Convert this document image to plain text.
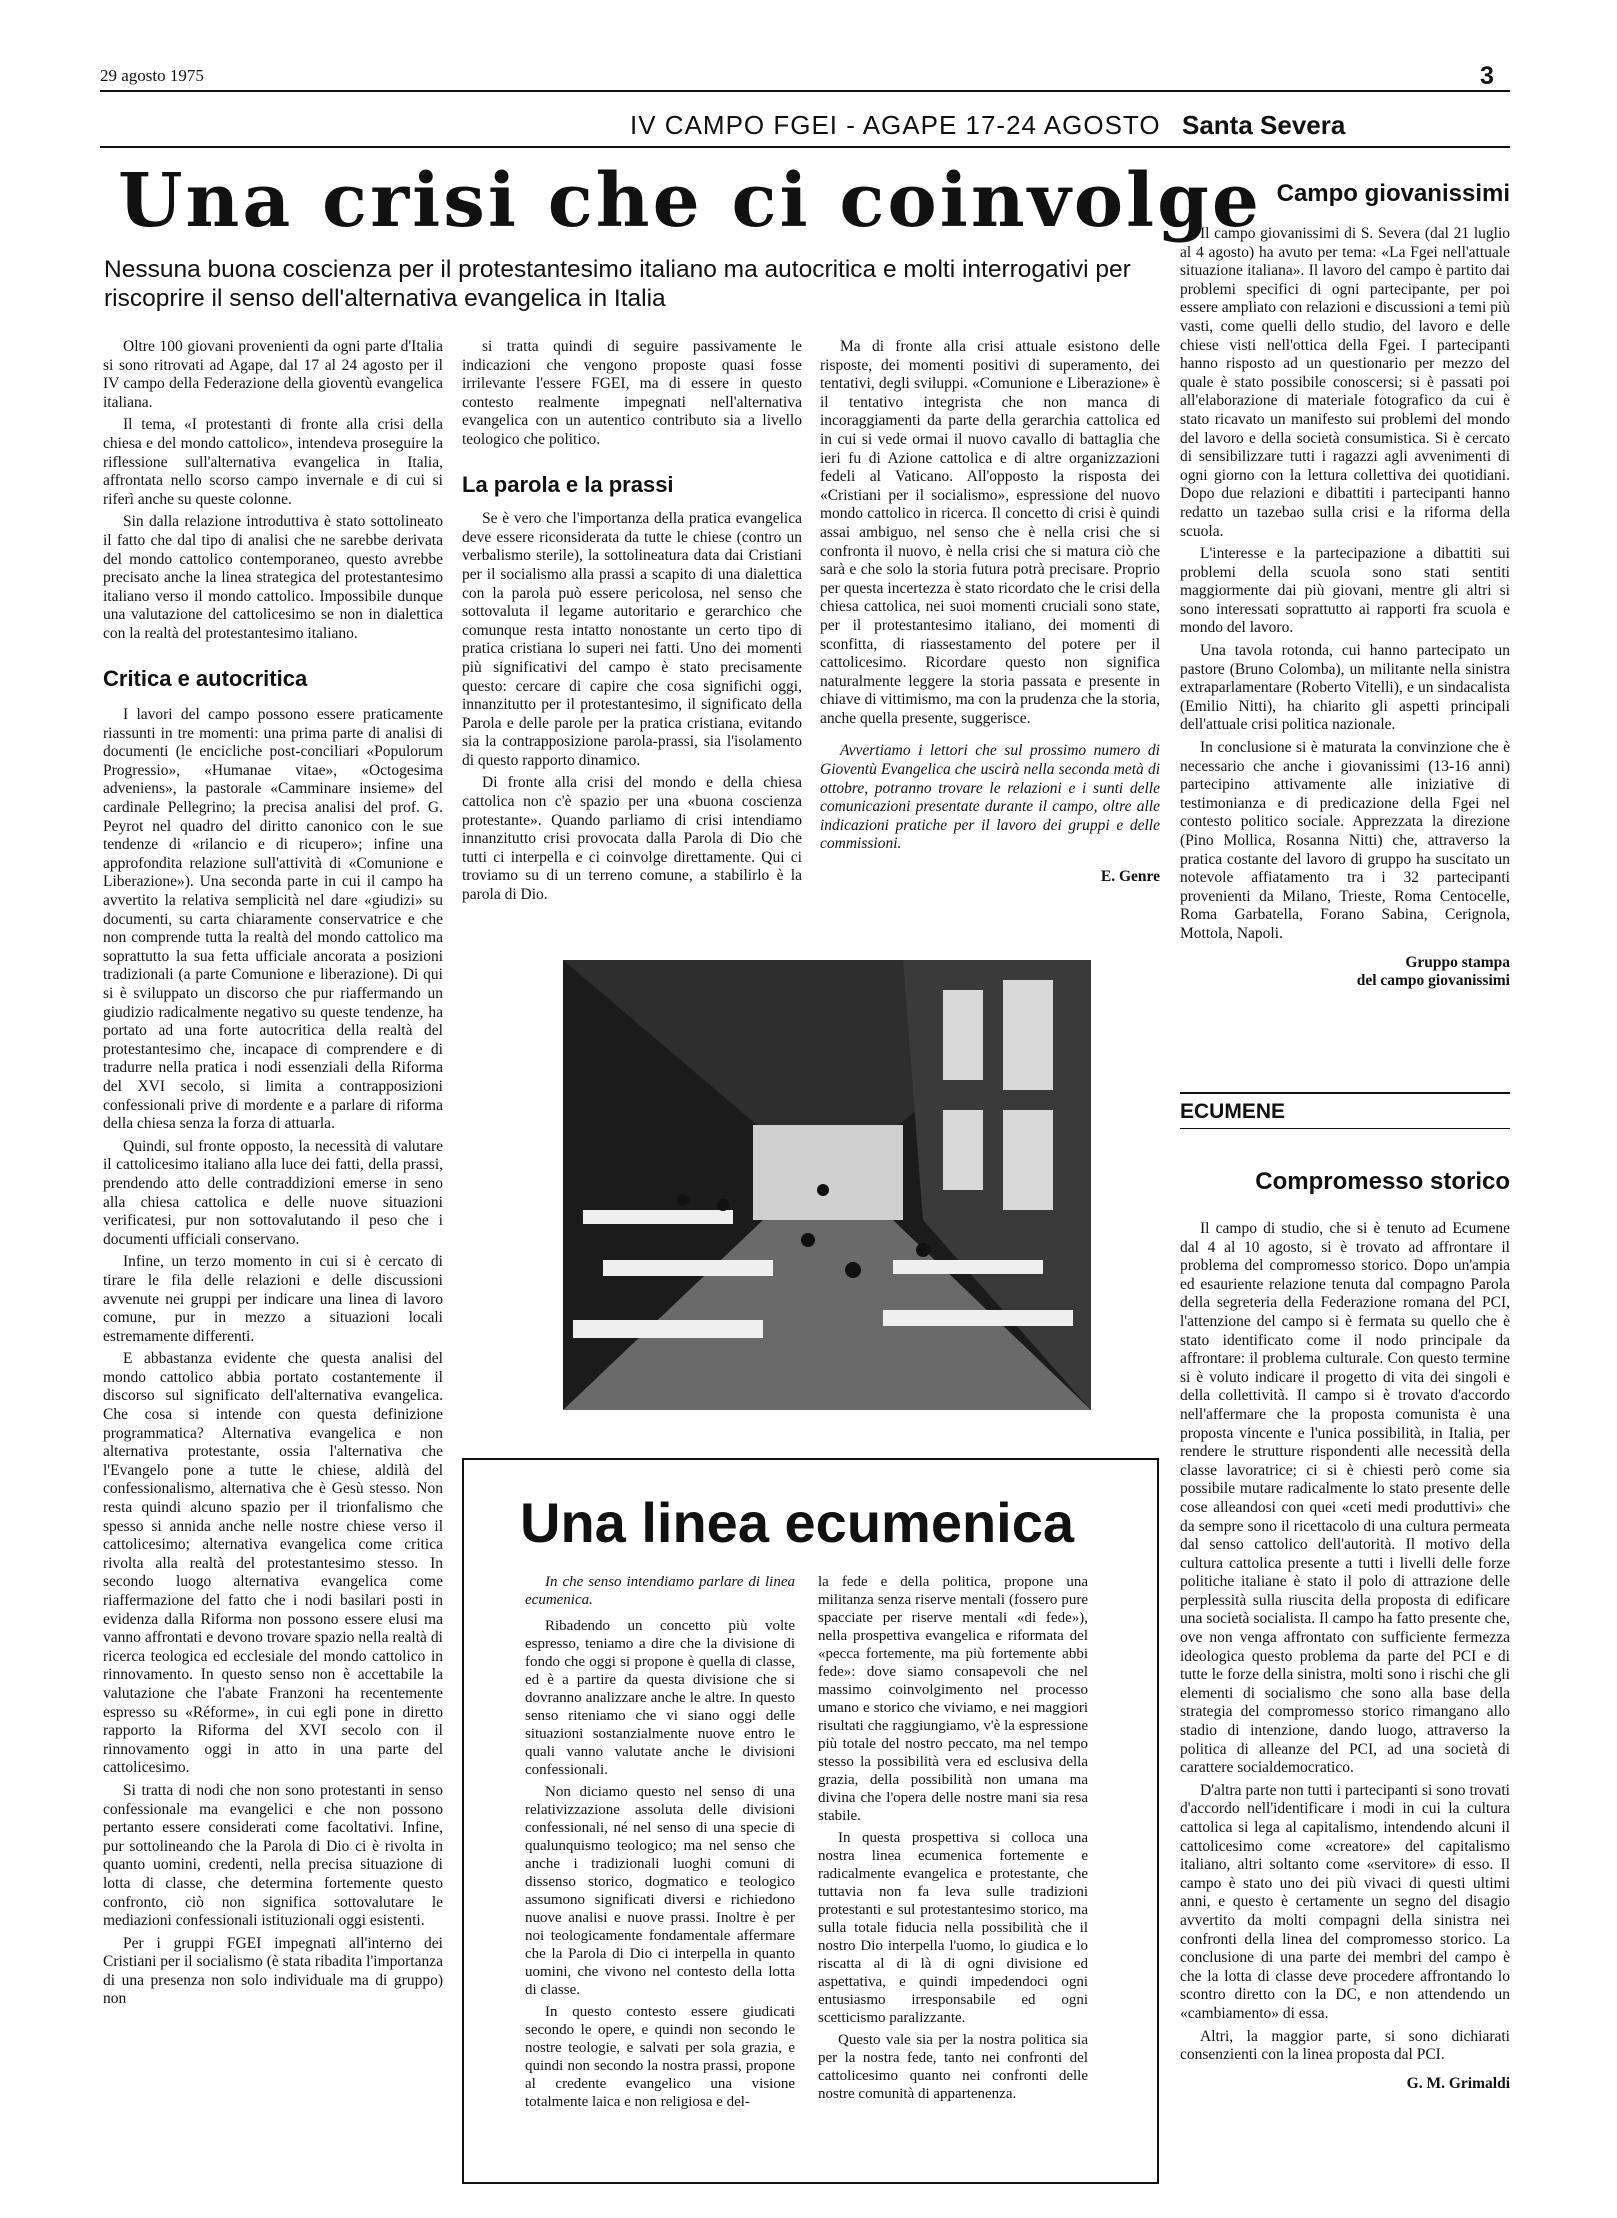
29 agosto 1975	3
IV CAMPO FGEI - AGAPE 17-24 AGOSTO Santa Severa
Una crisi che ci coinvolge
Nessuna buona coscienza per il protestantesimo italiano ma autocritica e molti interrogativi per riscoprire il senso dell'alternativa evangelica in Italia

Oltre 100 giovani provenienti da ogni parte d'Italia si sono ritrovati ad Agape, dal 17 al 24 agosto per il IV campo della Federazione della gioventù evangelica italiana.

Il tema, «I protestanti di fronte alla crisi della chiesa e del mondo cattolico», intendeva proseguire la riflessione sull'alternativa evangelica in Italia, affrontata nello scorso campo invernale e di cui si riferì anche su queste colonne.

Sin dalla relazione introduttiva è stato sottolineato il fatto che dal tipo di analisi che ne sarebbe derivata del mondo cattolico contemporaneo, questo avrebbe precisato anche la linea strategica del protestantesimo italiano verso il mondo cattolico. Impossibile dunque una valutazione del cattolicesimo se non in dialettica con la realtà del protestantesimo italiano.

Critica e autocritica

I lavori del campo possono essere praticamente riassunti in tre momenti: una prima parte di analisi di documenti (le encicliche post-conciliari «Populorum Progressio», «Humanae vitae», «Octogesima adveniens», la pastorale «Camminare insieme» del cardinale Pellegrino; la precisa analisi del prof. G. Peyrot nel quadro del diritto canonico con le sue tendenze di «rilancio e di ricupero»; infine una approfondita relazione sull'attività di «Comunione e Liberazione»). Una seconda parte in cui il campo ha avvertito la relativa semplicità nel dare «giudizi» su documenti, su carta chiaramente conservatrice e che non comprende tutta la realtà del mondo cattolico ma soprattutto la sua fetta ufficiale ancorata a posizioni tradizionali (a parte Comunione e liberazione). Di qui si è sviluppato un discorso che pur riaffermando un giudizio radicalmente negativo su queste tendenze, ha portato ad una forte autocritica della realtà del protestantesimo che, incapace di comprendere e di tradurre nella pratica i nodi essenziali della Riforma del XVI secolo, si limita a contrapposizioni confessionali prive di mordente e a parlare di riforma della chiesa senza la forza di attuarla.

Quindi, sul fronte opposto, la necessità di valutare il cattolicesimo italiano alla luce dei fatti, della prassi, prendendo atto delle contraddizioni emerse in seno alla chiesa cattolica e delle nuove situazioni verificatesi, pur non sottovalutando il peso che i documenti ufficiali conservano.

Infine, un terzo momento in cui si è cercato di tirare le fila delle relazioni e delle discussioni avvenute nei gruppi per indicare una linea di lavoro comune, pur in mezzo a situazioni locali estremamente differenti.

E abbastanza evidente che questa analisi del mondo cattolico abbia portato costantemente il discorso sul significato dell'alternativa evangelica. Che cosa si intende con questa definizione programmatica? Alternativa evangelica e non alternativa protestante, ossia l'alternativa che l'Evangelo pone a tutte le chiese, aldilà del confessionalismo, alternativa che è Gesù stesso. Non resta quindi alcuno spazio per il trionfalismo che spesso si annida anche nelle nostre chiese verso il cattolicesimo; alternativa evangelica come critica rivolta alla realtà del protestantesimo stesso. In secondo luogo alternativa evangelica come riaffermazione del fatto che i nodi basilari posti in evidenza dalla Riforma non possono essere elusi ma vanno affrontati e devono trovare spazio nella realtà di ricerca teologica ed ecclesiale del mondo cattolico in rinnovamento. In questo senso non è accettabile la valutazione che l'abate Franzoni ha recentemente espresso su «Réforme», in cui egli pone in diretto rapporto la Riforma del XVI secolo con il rinnovamento oggi in atto in una parte del cattolicesimo.

Si tratta di nodi che non sono protestanti in senso confessionale ma evangelici e che non possono pertanto essere considerati come facoltativi. Infine, pur sottolineando che la Parola di Dio ci è rivolta in quanto uomini, credenti, nella precisa situazione di lotta di classe, che determina fortemente questo confronto, ciò non significa sottovalutare le mediazioni confessionali istituzionali oggi esistenti.

Per i gruppi FGEI impegnati all'interno dei Cristiani per il socialismo (è stata ribadita l'importanza di una presenza non solo individuale ma di gruppo) non

si tratta quindi di seguire passivamente le indicazioni che vengono proposte quasi fosse irrilevante l'essere FGEI, ma di essere in questo contesto realmente impegnati nell'alternativa evangelica con un autentico contributo sia a livello teologico che politico.

La parola e la prassi

Se è vero che l'importanza della pratica evangelica deve essere riconsiderata da tutte le chiese (contro un verbalismo sterile), la sottolineatura data dai Cristiani per il socialismo alla prassi a scapito di una dialettica con la parola può essere pericolosa, nel senso che sottovaluta il legame autoritario e gerarchico che comunque resta intatto nonostante un certo tipo di pratica cristiana lo superi nei fatti. Uno dei momenti più significativi del campo è stato precisamente questo: cercare di capire che cosa significhi oggi, innanzitutto per il protestantesimo, il significato della Parola e delle parole per la pratica cristiana, evitando sia la contrapposizione parola-prassi, sia l'isolamento di questo rapporto dinamico.

Di fronte alla crisi del mondo e della chiesa cattolica non c'è spazio per una «buona coscienza protestante». Quando parliamo di crisi intendiamo innanzitutto crisi provocata dalla Parola di Dio che tutti ci interpella e ci coinvolge direttamente. Qui ci troviamo su di un terreno comune, a stabilirlo è la parola di Dio.

Ma di fronte alla crisi attuale esistono delle risposte, dei momenti positivi di superamento, dei tentativi, degli sviluppi. «Comunione e Liberazione» è il tentativo integrista che non manca di incoraggiamenti da parte della gerarchia cattolica ed in cui si vede ormai il nuovo cavallo di battaglia che ieri fu di Azione cattolica e di altre organizzazioni fedeli al Vaticano. All'opposto la risposta dei «Cristiani per il socialismo», espressione del nuovo mondo cattolico in ricerca. Il concetto di crisi è quindi assai ambiguo, nel senso che è nella crisi che si confronta il nuovo, è nella crisi che si matura ciò che sarà e che solo la storia futura potrà precisare. Proprio per questa incertezza è stato ricordato che le crisi della chiesa cattolica, nei suoi momenti cruciali sono state, per il protestantesimo italiano, dei momenti di sconfitta, di riassestamento del potere per il cattolicesimo. Ricordare questo non significa naturalmente leggere la storia passata e presente in chiave di vittimismo, ma con la prudenza che la storia, anche quella presente, suggerisce.

Avvertiamo i lettori che sul prossimo numero di Gioventù Evangelica che uscirà nella seconda metà di ottobre, potranno trovare le relazioni e i sunti delle comunicazioni presentate durante il campo, oltre alle indicazioni pratiche per il lavoro dei gruppi e delle commissioni.

E. Genre

Una linea ecumenica

In che senso intendiamo parlare di linea ecumenica.

Ribadendo un concetto più volte espresso, teniamo a dire che la divisione di fondo che oggi si propone è quella di classe, ed è a partire da questa divisione che si dovranno analizzare anche le altre. In questo senso riteniamo che vi siano oggi delle situazioni sostanzialmente nuove entro le quali vanno valutate anche le divisioni confessionali.

Non diciamo questo nel senso di una relativizzazione assoluta delle divisioni confessionali, né nel senso di una specie di qualunquismo teologico; ma nel senso che anche i tradizionali luoghi comuni di dissenso storico, dogmatico e teologico assumono significati diversi e richiedono nuove analisi e nuove prassi. Inoltre è per noi teologicamente fondamentale affermare che la Parola di Dio ci interpella in quanto uomini, che vivono nel contesto della lotta di classe.

In questo contesto essere giudicati secondo le opere, e quindi non secondo le nostre teologie, e salvati per sola grazia, e quindi non secondo la nostra prassi, propone al credente evangelico una visione totalmente laica e non religiosa e del-

la fede e della politica, propone una militanza senza riserve mentali (fossero pure spacciate per riserve mentali «di fede»), nella prospettiva evangelica e riformata del «pecca fortemente, ma più fortemente abbi fede»: dove siamo consapevoli che nel massimo coinvolgimento nel processo umano e storico che viviamo, e nei maggiori risultati che raggiungiamo, v'è la espressione più totale del nostro peccato, ma nel tempo stesso la possibilità vera ed esclusiva della grazia, della possibilità non umana ma divina che l'opera delle nostre mani sia resa stabile.

In questa prospettiva si colloca una nostra linea ecumenica fortemente e radicalmente evangelica e protestante, che tuttavia non fa leva sulle tradizioni protestanti e sul protestantesimo storico, ma sulla totale fiducia nella possibilità che il nostro Dio interpella l'uomo, lo giudica e lo riscatta al di là di ogni divisione ed aspettativa, e quindi impedendoci ogni entusiasmo irresponsabile ed ogni scetticismo paralizzante.

Questo vale sia per la nostra politica sia per la nostra fede, tanto nei confronti del cattolicesimo quanto nei confronti delle nostre comunità di appartenenza.

Campo giovanissimi

Il campo giovanissimi di S. Severa (dal 21 luglio al 4 agosto) ha avuto per tema: «La Fgei nell'attuale situazione italiana». Il lavoro del campo è partito dai problemi specifici di ogni partecipante, per poi essere ampliato con relazioni e discussioni a temi più vasti, come quelli dello studio, del lavoro e delle chiese visti nell'ottica della Fgei. I partecipanti hanno risposto ad un questionario per mezzo del quale è stato possibile conoscersi; si è passati poi all'elaborazione di materiale fotografico da cui è stato ricavato un manifesto sui problemi del mondo del lavoro e della società consumistica. Si è cercato di sensibilizzare tutti i ragazzi agli avvenimenti di ogni giorno con la lettura collettiva dei quotidiani. Dopo due relazioni e dibattiti i partecipanti hanno redatto un tazebao sulla crisi e la riforma della scuola.

L'interesse e la partecipazione a dibattiti sui problemi della scuola sono stati sentiti maggiormente dai più giovani, mentre gli altri si sono interessati soprattutto ai rapporti fra scuola e mondo del lavoro.

Una tavola rotonda, cui hanno partecipato un pastore (Bruno Colomba), un militante nella sinistra extraparlamentare (Roberto Vitelli), e un sindacalista (Emilio Nitti), ha chiarito gli aspetti principali dell'attuale crisi politica nazionale.

In conclusione si è maturata la convinzione che è necessario che anche i giovanissimi (13-16 anni) partecipino attivamente alle iniziative di testimonianza e di predicazione della Fgei nel contesto politico sociale. Apprezzata la direzione (Pino Mollica, Rosanna Nitti) che, attraverso la pratica costante del lavoro di gruppo ha suscitato un notevole affiatamento tra i 32 partecipanti provenienti da Milano, Trieste, Roma Centocelle, Roma Garbatella, Forano Sabina, Cerignola, Mottola, Napoli.

Gruppo stampa

del campo giovanissimi

ECUMENE
Compromesso storico

Il campo di studio, che si è tenuto ad Ecumene dal 4 al 10 agosto, si è trovato ad affrontare il problema del compromesso storico. Dopo un'ampia ed esauriente relazione tenuta dal compagno Parola della segreteria della Federazione romana del PCI, l'attenzione del campo si è fermata su quello che è stato identificato come il nodo principale da affrontare: il problema culturale. Con questo termine si è voluto indicare il progetto di vita dei singoli e della collettività. Il campo si è trovato d'accordo nell'affermare che la proposta comunista è una proposta vincente e l'unica possibilità, in Italia, per rendere le strutture rispondenti alle necessità della classe lavoratrice; ci si è chiesti però come sia possibile mutare radicalmente lo stato presente delle cose alleandosi con quei «ceti medi produttivi» che da sempre sono il ricettacolo di una cultura permeata dal senso cattolico dell'autorità. Il motivo della cultura cattolica presente a tutti i livelli delle forze politiche italiane è stato il polo di attrazione delle perplessità sulla riuscita della proposta di edificare una società socialista. Il campo ha fatto presente che, ove non venga affrontato con sufficiente fermezza ideologica questo problema da parte del PCI e di tutte le forze della sinistra, molti sono i rischi che gli elementi di socialismo che sono alla base della strategia del compromesso storico rimangano allo stadio di intenzione, dando luogo, attraverso la politica di alleanze del PCI, ad una società di carattere socialdemocratico.

D'altra parte non tutti i partecipanti si sono trovati d'accordo nell'identificare i modi in cui la cultura cattolica si lega al capitalismo, intendendo alcuni il cattolicesimo come «creatore» del capitalismo italiano, altri soltanto come «servitore» di esso. Il campo è stato uno dei più vivaci di questi ultimi anni, e questo è certamente un segno del disagio avvertito da molti compagni della sinistra nei confronti della linea del compromesso storico. La conclusione di una parte dei membri del campo è che la lotta di classe deve procedere affrontando lo scontro diretto con la DC, e non attendendo un «cambiamento» di essa.

Altri, la maggior parte, si sono dichiarati consenzienti con la linea proposta dal PCI.

G. M. Grimaldi
